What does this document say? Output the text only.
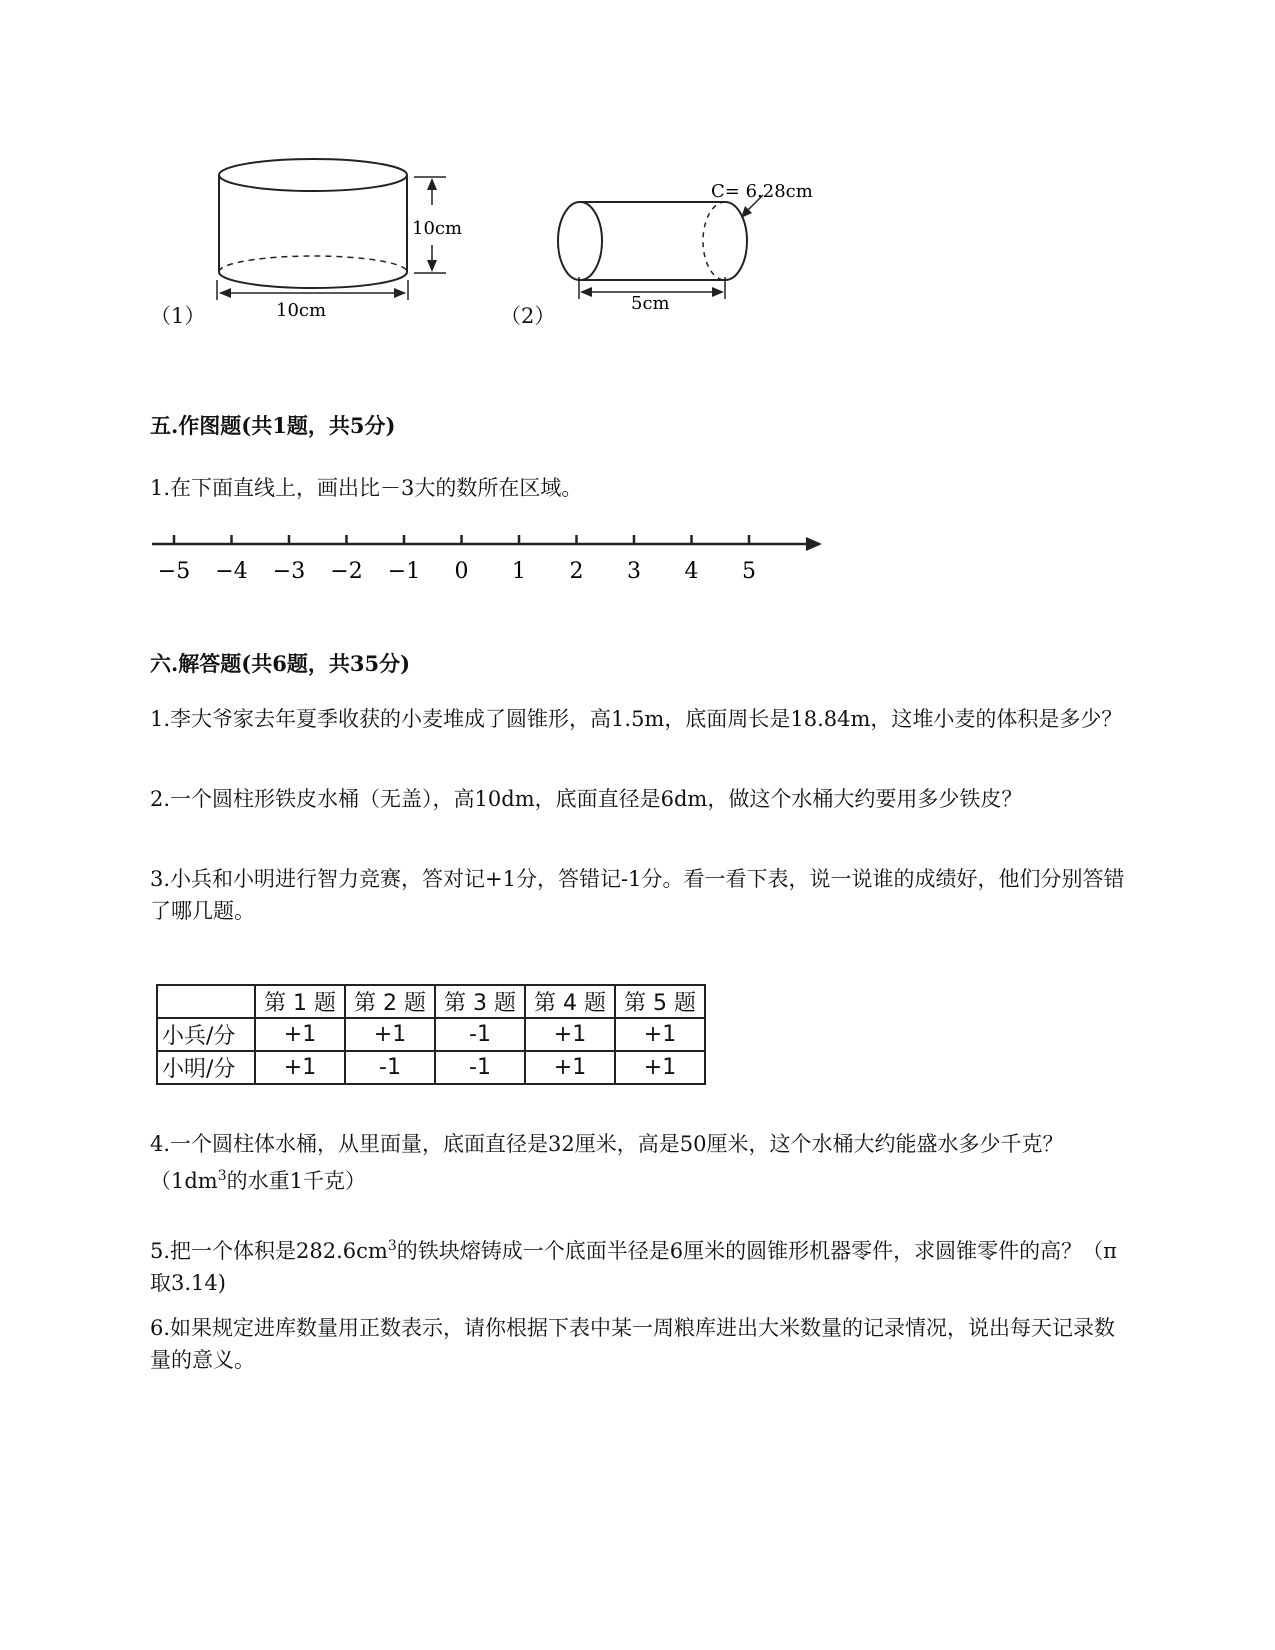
（1）
10cm
10cm	（2）
C= 6.28cm
5cm
五.作图题(共1题，共5分)
1.在下面直线上，画出比－3大的数所在区域。
−5 −4 −3 −2 −1 0 1 2 3 4 5
六.解答题(共6题，共35分)
1.李大爷家去年夏季收获的小麦堆成了圆锥形，高1.5m，底面周长是18.84m，这堆小麦的体积是多少？
2.一个圆柱形铁皮水桶（无盖），高10dm，底面直径是6dm，做这个水桶大约要用多少铁皮？
3.小兵和小明进行智力竞赛，答对记+1分，答错记-1分。看一看下表，说一说谁的成绩好，他们分别答错了哪几题。
	第 1 题	第 2 题	第 3 题	第 4 题	第 5 题
小兵/分	+1	+1	-1	+1	+1
小明/分	+1	-1	-1	+1	+1
4.一个圆柱体水桶，从里面量，底面直径是32厘米，高是50厘米，这个水桶大约能盛水多少千克？（$1dm^3$的水重1千克）
5.把一个体积是$282.6cm^3$的铁块熔铸成一个底面半径是6厘米的圆锥形机器零件，求圆锥零件的高？（π取3.14)
6.如果规定进库数量用正数表示，请你根据下表中某一周粮库进出大米数量的记录情况，说出每天记录数量的意义。
